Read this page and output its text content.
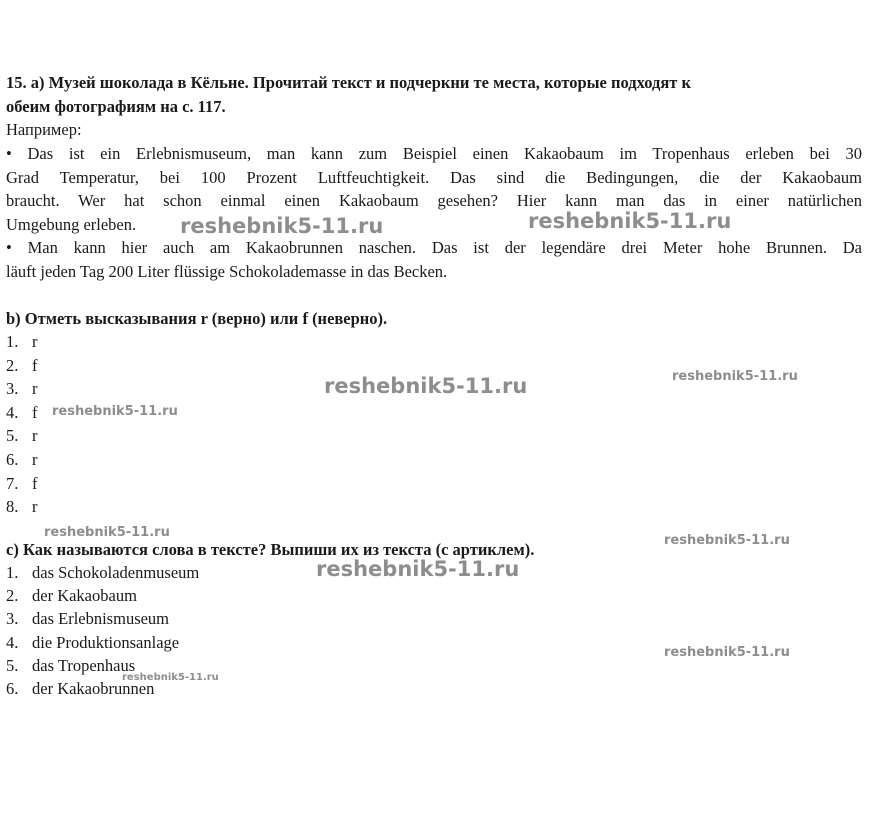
15. а) Музей шоколада в Кёльне. Прочитай текст и подчеркни те места, которые подходят к
обеим фотографиям на с. 117.
Например:
• Das ist ein Erlebnismuseum, man kann zum Beispiel einen Kakaobaum im Tropenhaus erleben bei 30
Grad Temperatur, bei 100 Prozent Luftfeuchtigkeit. Das sind die Bedingungen, die der Kakaobaum
braucht. Wer hat schon einmal einen Kakaobaum gesehen? Hier kann man das in einer natürlichen
Umgebung erleben.
• Man kann hier auch am Kakaobrunnen naschen. Das ist der legendäre drei Meter hohe Brunnen. Da
läuft jeden Tag 200 Liter flüssige Schokolademasse in das Becken.
b) Отметь высказывания r (верно) или f (неверно).
1. r
2. f
3. r
4. f
5. r
6. r
7. f
8. r
c) Как называются слова в тексте? Выпиши их из текста (с артиклем).
1. das Schokoladenmuseum
2. der Kakaobaum
3. das Erlebnismuseum
4. die Produktionsanlage
5. das Tropenhaus
6. der Kakaobrunnen
reshebnik5-11.ru	reshebnik5-11.ru
reshebnik5-11.ru	reshebnik5-11.ru
reshebnik5-11.ru
reshebnik5-11.ru
reshebnik5-11.ru
reshebnik5-11.ru
reshebnik5-11.ru
reshebnik5-11.ru
